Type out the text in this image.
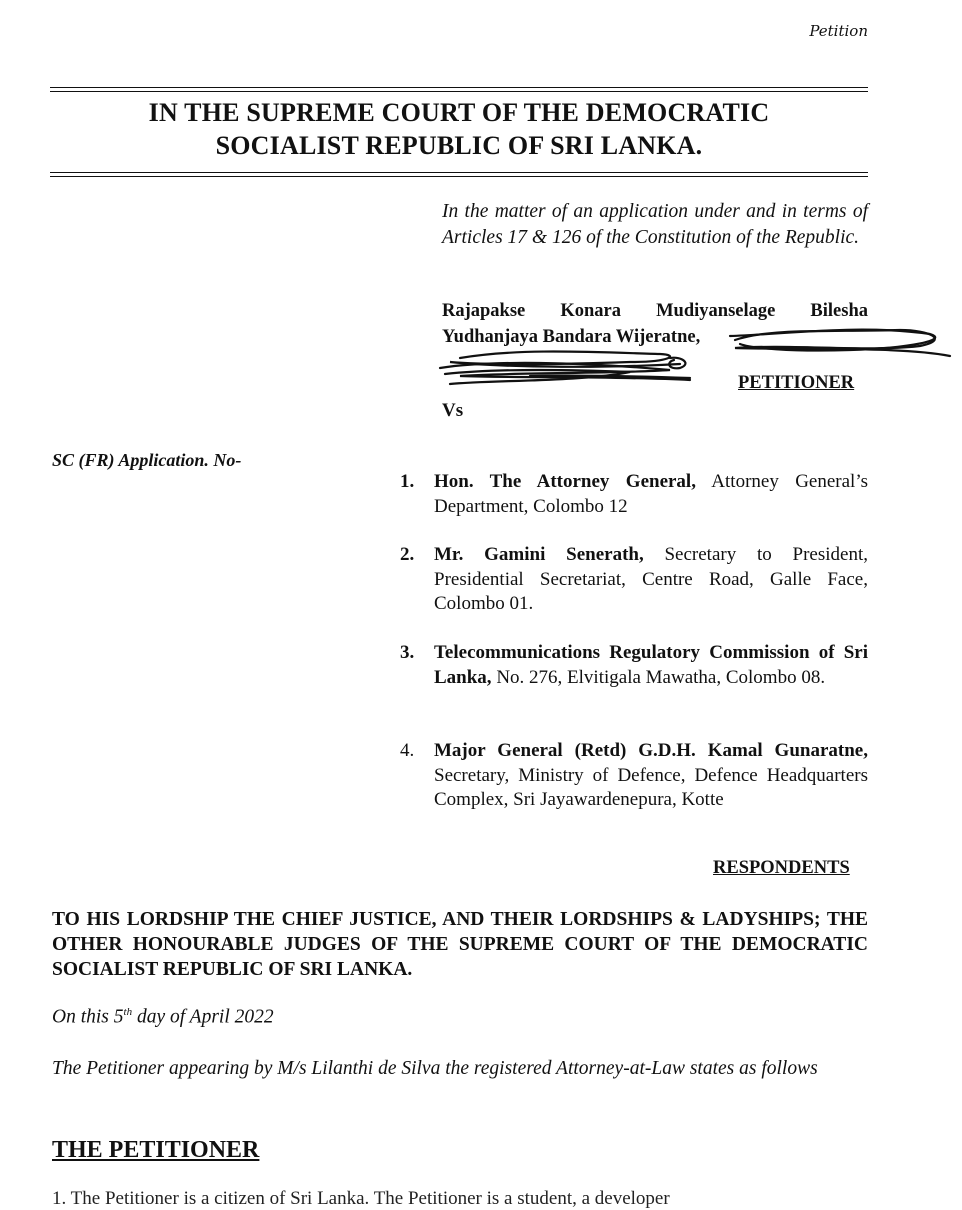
Petition
IN THE SUPREME COURT OF THE DEMOCRATIC
SOCIALIST REPUBLIC OF SRI LANKA.
In the matter of an application under and in terms of Articles 17 & 126 of the Constitution of the Republic.
Rajapakse Konara Mudiyanselage Bilesha
Yudhanjaya Bandara Wijeratne,
PETITIONER
Vs
SC (FR) Application. No-
1.	Hon. The Attorney General, Attorney General’s Department, Colombo 12
2.	Mr. Gamini Senerath, Secretary to President, Presidential Secretariat, Centre Road, Galle Face, Colombo 01.
3.	Telecommunications Regulatory Commission of Sri Lanka, No. 276, Elvitigala Mawatha, Colombo 08.
4.	Major General (Retd) G.D.H. Kamal Gunaratne, Secretary, Ministry of Defence, Defence Headquarters Complex, Sri Jayawardenepura, Kotte
RESPONDENTS
TO HIS LORDSHIP THE CHIEF JUSTICE, AND THEIR LORDSHIPS & LADYSHIPS; THE OTHER HONOURABLE JUDGES OF THE SUPREME COURT OF THE DEMOCRATIC SOCIALIST REPUBLIC OF SRI LANKA.
On this 5th day of April 2022
The Petitioner appearing by M/s Lilanthi de Silva the registered Attorney-at-Law states as follows
THE PETITIONER
1. The Petitioner is a citizen of Sri Lanka. The Petitioner is a student, a developer
